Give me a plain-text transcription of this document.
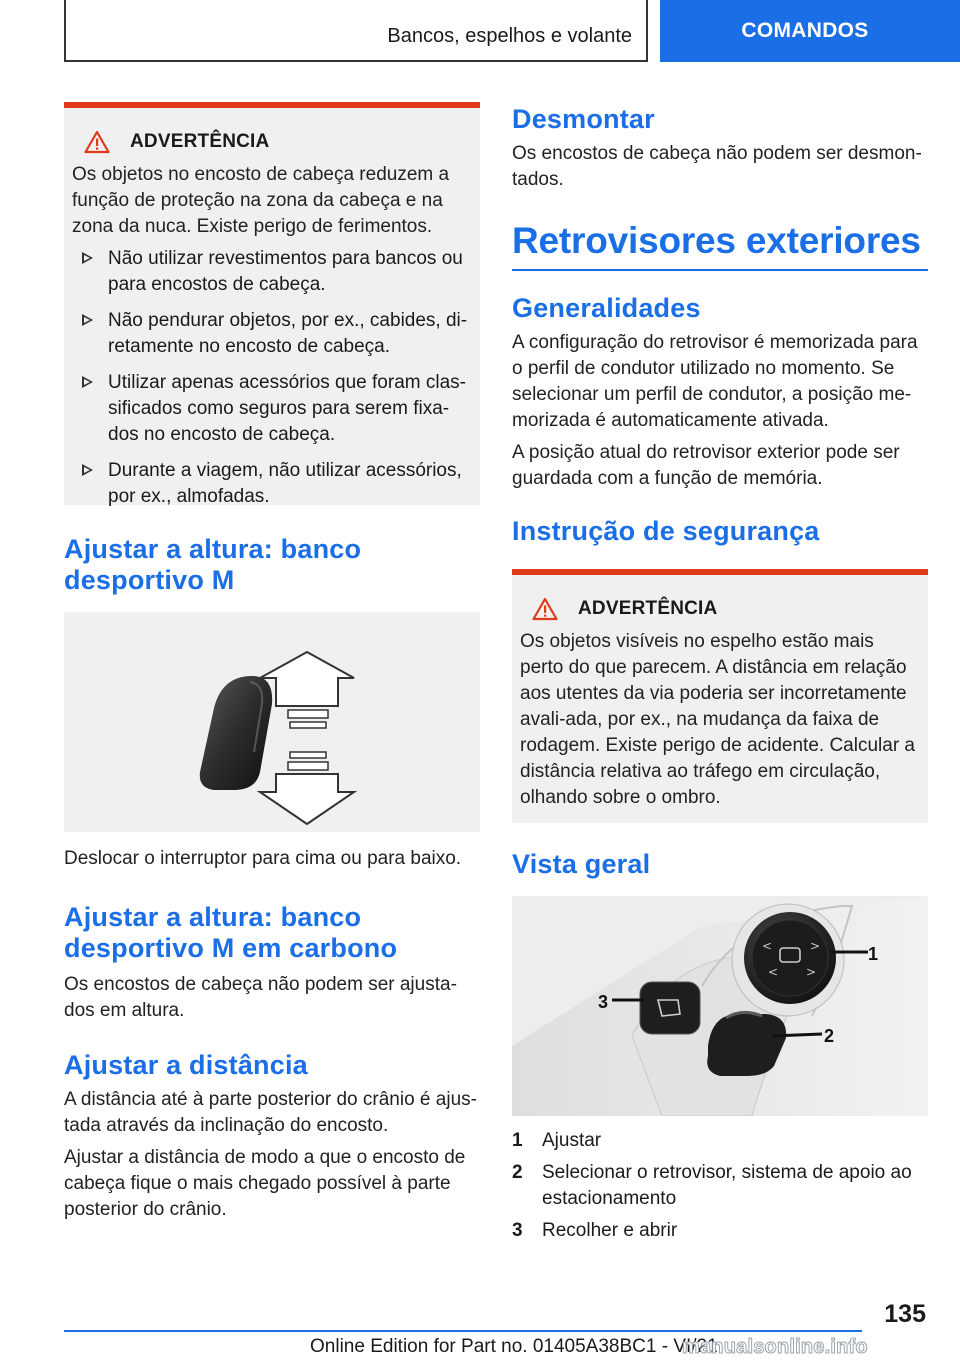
Bancos, espelhos e volante	COMANDOS
ADVERTÊNCIA

Os objetos no encosto de cabeça reduzem a função de proteção na zona da cabeça e na zona da nuca. Existe perigo de ferimentos.

Não utilizar revestimentos para bancos ou para encostos de cabeça.
Não pendurar objetos, por ex., cabides, di-retamente no encosto de cabeça.
Utilizar apenas acessórios que foram clas-sificados como seguros para serem fixa-dos no encosto de cabeça.
Durante a viagem, não utilizar acessórios, por ex., almofadas.
Ajustar a altura: banco
desportivo M

Deslocar o interruptor para cima ou para baixo.

Ajustar a altura: banco
desportivo M em carbono

Os encostos de cabeça não podem ser ajusta-dos em altura.

Ajustar a distância

A distância até à parte posterior do crânio é ajus-tada através da inclinação do encosto.

Ajustar a distância de modo a que o encosto de cabeça fique o mais chegado possível à parte posterior do crânio.

Desmontar

Os encostos de cabeça não podem ser desmon-tados.

Retrovisores exteriores
Generalidades

A configuração do retrovisor é memorizada para o perfil de condutor utilizado no momento. Se selecionar um perfil de condutor, a posição me-morizada é automaticamente ativada.

A posição atual do retrovisor exterior pode ser guardada com a função de memória.

Instrução de segurança
ADVERTÊNCIA

Os objetos visíveis no espelho estão mais perto do que parecem. A distância em relação aos utentes da via poderia ser incorretamente avali-ada, por ex., na mudança da faixa de rodagem. Existe perigo de acidente. Calcular a distância relativa ao tráfego em circulação, olhando sobre o ombro.

Vista geral
<	>
< >
1
2
3
1 Ajustar
2 Selecionar o retrovisor, sistema de apoio ao estacionamento
3 Recolher e abrir
135
Online Edition for Part no. 01405A38BC1 - VI/21
manualsonline.info
